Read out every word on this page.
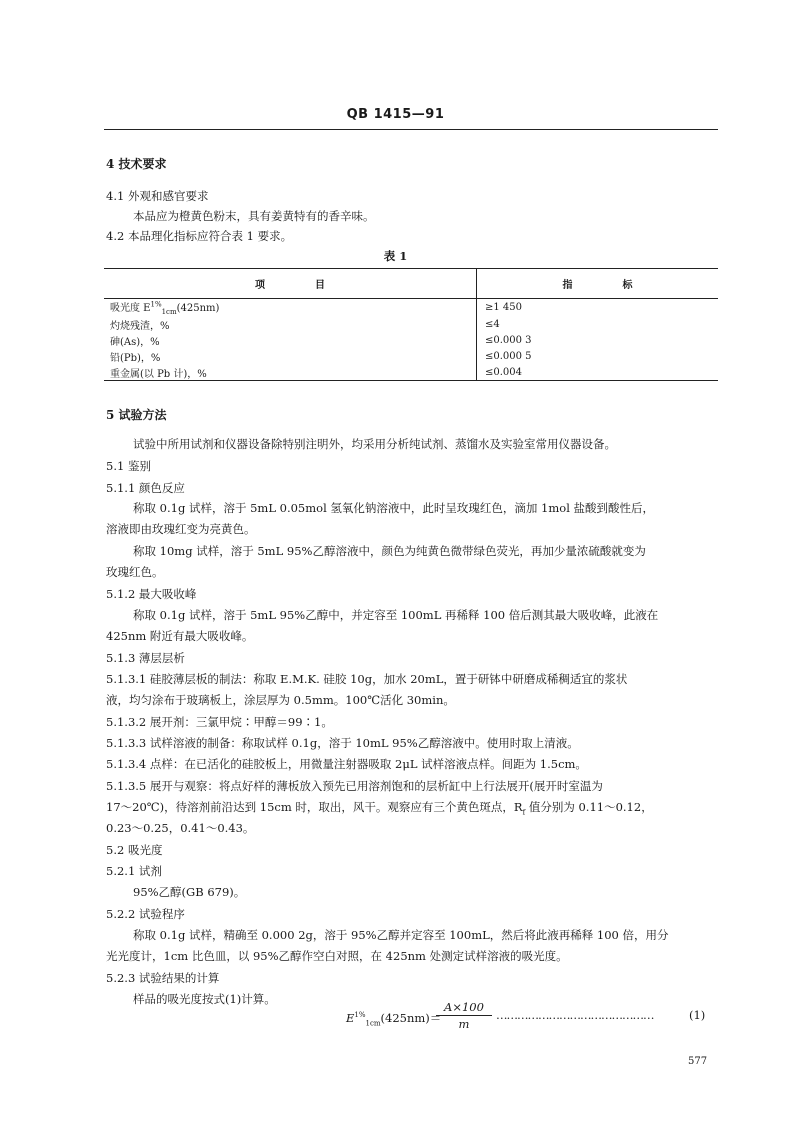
QB 1415—91
4 技术要求
4.1 外观和感官要求
本品应为橙黄色粉末，具有姜黄特有的香辛味。
4.2 本品理化指标应符合表 1 要求。
表 1
项　　　　　目	指　　　　　标
吸光度 $E^{1\%}_{1cm}(425nm)$	≥1 450
灼烧残渣，%	≤4
砷(As)，%	≤0.000 3
铅(Pb)，%	≤0.000 5
重金属(以 Pb 计)，%	≤0.004
5 试验方法
试验中所用试剂和仪器设备除特别注明外，均采用分析纯试剂、蒸馏水及实验室常用仪器设备。
5.1 鉴别
5.1.1 颜色反应
称取 0.1g 试样，溶于 5mL 0.05mol 氢氧化钠溶液中，此时呈玫瑰红色，滴加 1mol 盐酸到酸性后，
溶液即由玫瑰红变为亮黄色。
称取 10mg 试样，溶于 5mL 95%乙醇溶液中，颜色为纯黄色微带绿色荧光，再加少量浓硫酸就变为
玫瑰红色。
5.1.2 最大吸收峰
称取 0.1g 试样，溶于 5mL 95%乙醇中，并定容至 100mL 再稀释 100 倍后测其最大吸收峰，此液在
425nm 附近有最大吸收峰。
5.1.3 薄层层析
5.1.3.1 硅胶薄层板的制法：称取 E.M.K. 硅胶 10g，加水 20mL，置于研钵中研磨成稀稠适宜的浆状
液，均匀涂布于玻璃板上，涂层厚为 0.5mm。100℃活化 30min。
5.1.3.2 展开剂：三氯甲烷∶甲醇＝99∶1。
5.1.3.3 试样溶液的制备：称取试样 0.1g，溶于 10mL 95%乙醇溶液中。使用时取上清液。
5.1.3.4 点样：在已活化的硅胶板上，用微量注射器吸取 2μL 试样溶液点样。间距为 1.5cm。
5.1.3.5 展开与观察：将点好样的薄板放入预先已用溶剂饱和的层析缸中上行法展开(展开时室温为
17～20℃)，待溶剂前沿达到 15cm 时，取出，风干。观察应有三个黄色斑点，$R_f$ 值分别为 0.11～0.12，
0.23～0.25，0.41～0.43。
5.2 吸光度
5.2.1 试剂
95%乙醇(GB 679)。
5.2.2 试验程序
称取 0.1g 试样，精确至 0.000 2g，溶于 95%乙醇并定容至 100mL，然后将此液再稀释 100 倍，用分
光光度计，1cm 比色皿，以 95%乙醇作空白对照，在 425nm 处测定试样溶液的吸光度。
5.2.3 试验结果的计算
样品的吸光度按式(1)计算。
$E^{1\%}_{1cm}(425nm)=$
A×100
m
………………………………………	(1)
577
